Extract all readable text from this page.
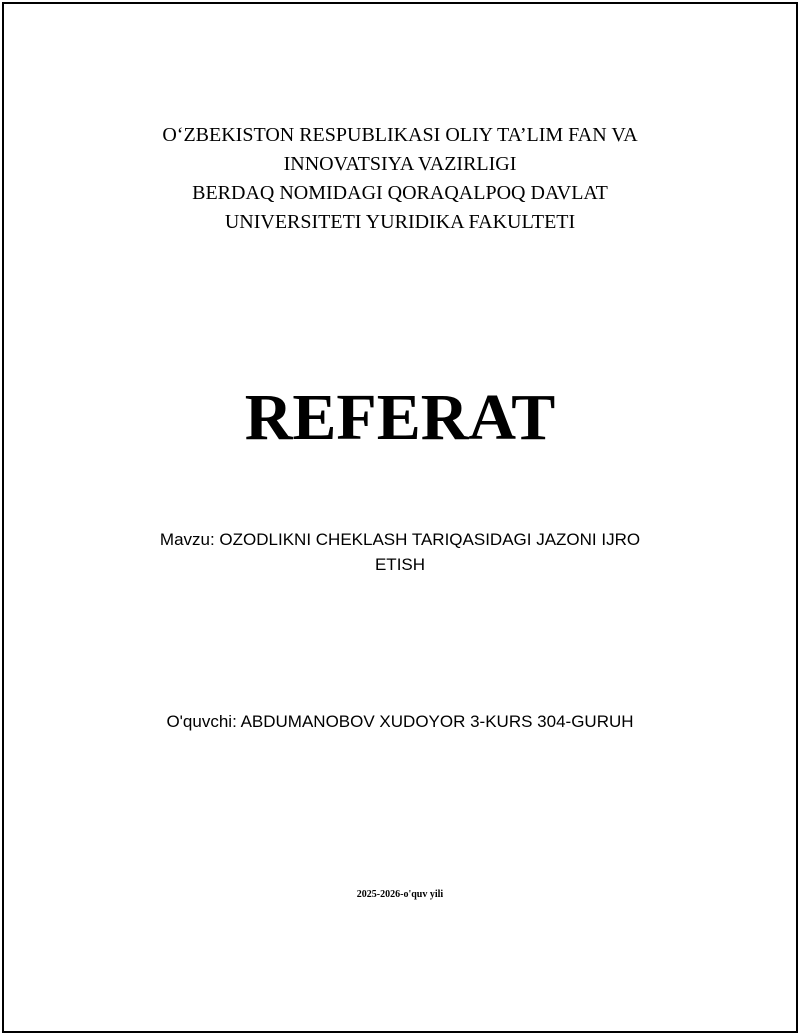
O‘ZBEKISTON RESPUBLIKASI OLIY TA’LIM FAN VA
INNOVATSIYA VAZIRLIGI
BERDAQ NOMIDAGI QORAQALPOQ DAVLAT
UNIVERSITETI YURIDIKA FAKULTETI
REFERAT
Mavzu: OZODLIKNI CHEKLASH TARIQASIDAGI JAZONI IJRO
ETISH
O'quvchi: ABDUMANOBOV XUDOYOR 3-KURS 304-GURUH
2025-2026-o'quv yili
